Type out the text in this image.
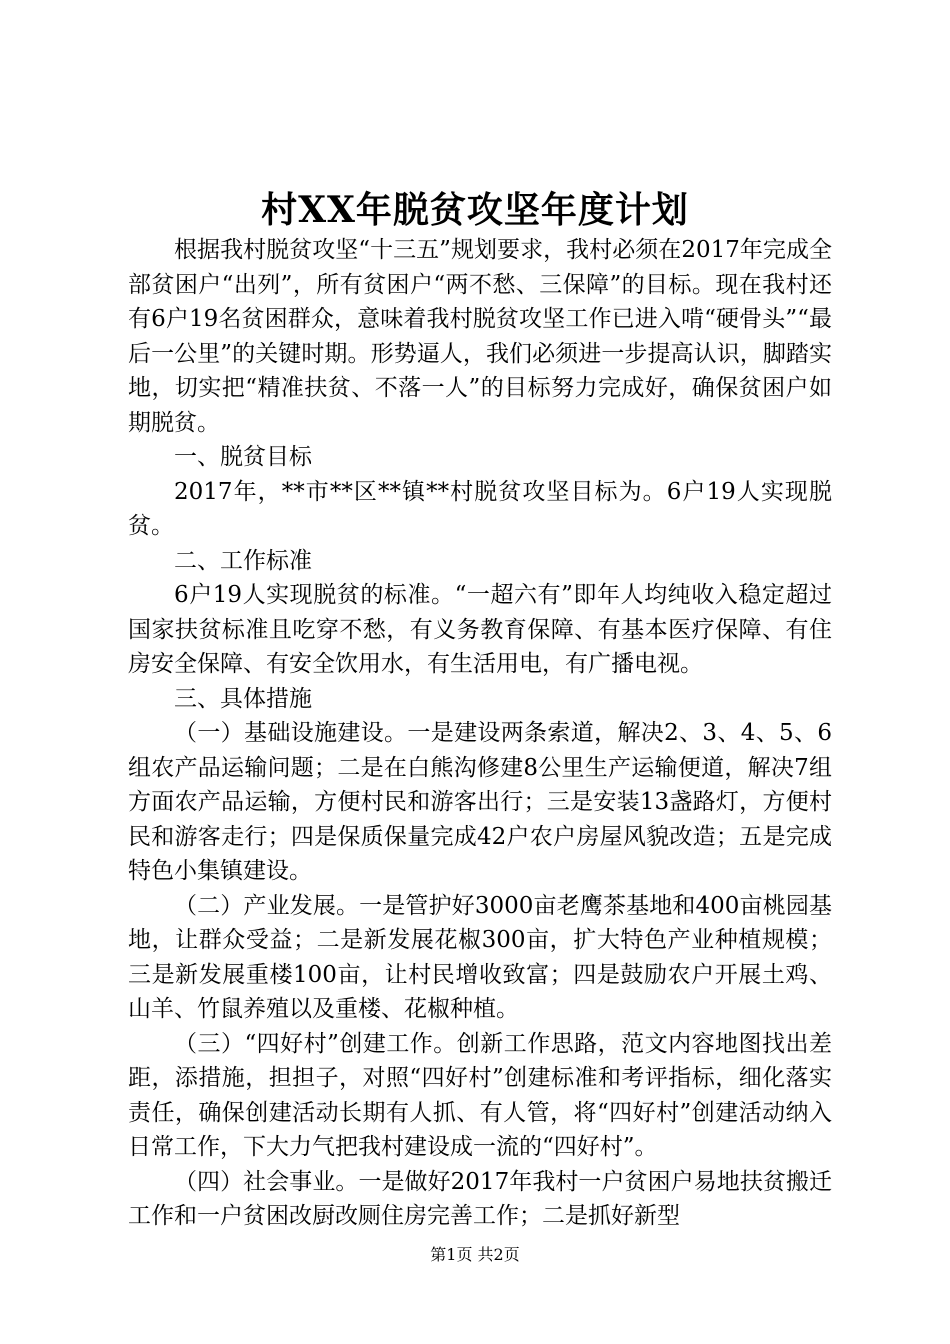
村XX年脱贫攻坚年度计划

根据我村脱贫攻坚“十三五”规划要求，我村必须在2017年完成全部贫困户“出列”，所有贫困户“两不愁、三保障”的目标。现在我村还有6户19名贫困群众，意味着我村脱贫攻坚工作已进入啃“硬骨头”“最后一公里”的关键时期。形势逼人，我们必须进一步提高认识，脚踏实地，切实把“精准扶贫、不落一人”的目标努力完成好，确保贫困户如期脱贫。

一、脱贫目标

2017年，**市**区**镇**村脱贫攻坚目标为。6户19人实现脱贫。

二、工作标准

6户19人实现脱贫的标准。“一超六有”即年人均纯收入稳定超过国家扶贫标准且吃穿不愁，有义务教育保障、有基本医疗保障、有住房安全保障、有安全饮用水，有生活用电，有广播电视。

三、具体措施

（一）基础设施建设。一是建设两条索道，解决2、3、4、5、6组农产品运输问题；二是在白熊沟修建8公里生产运输便道，解决7组方面农产品运输，方便村民和游客出行；三是安装13盏路灯，方便村民和游客走行；四是保质保量完成42户农户房屋风貌改造；五是完成特色小集镇建设。

（二）产业发展。一是管护好3000亩老鹰茶基地和400亩桃园基地，让群众受益；二是新发展花椒300亩，扩大特色产业种植规模；三是新发展重楼100亩，让村民增收致富；四是鼓励农户开展土鸡、山羊、竹鼠养殖以及重楼、花椒种植。

（三）“四好村”创建工作。创新工作思路，范文内容地图找出差距，添措施，担担子，对照“四好村”创建标准和考评指标，细化落实责任，确保创建活动长期有人抓、有人管，将“四好村”创建活动纳入日常工作，下大力气把我村建设成一流的“四好村”。

（四）社会事业。一是做好2017年我村一户贫困户易地扶贫搬迁工作和一户贫困改厨改厕住房完善工作；二是抓好新型

第1页 共2页
